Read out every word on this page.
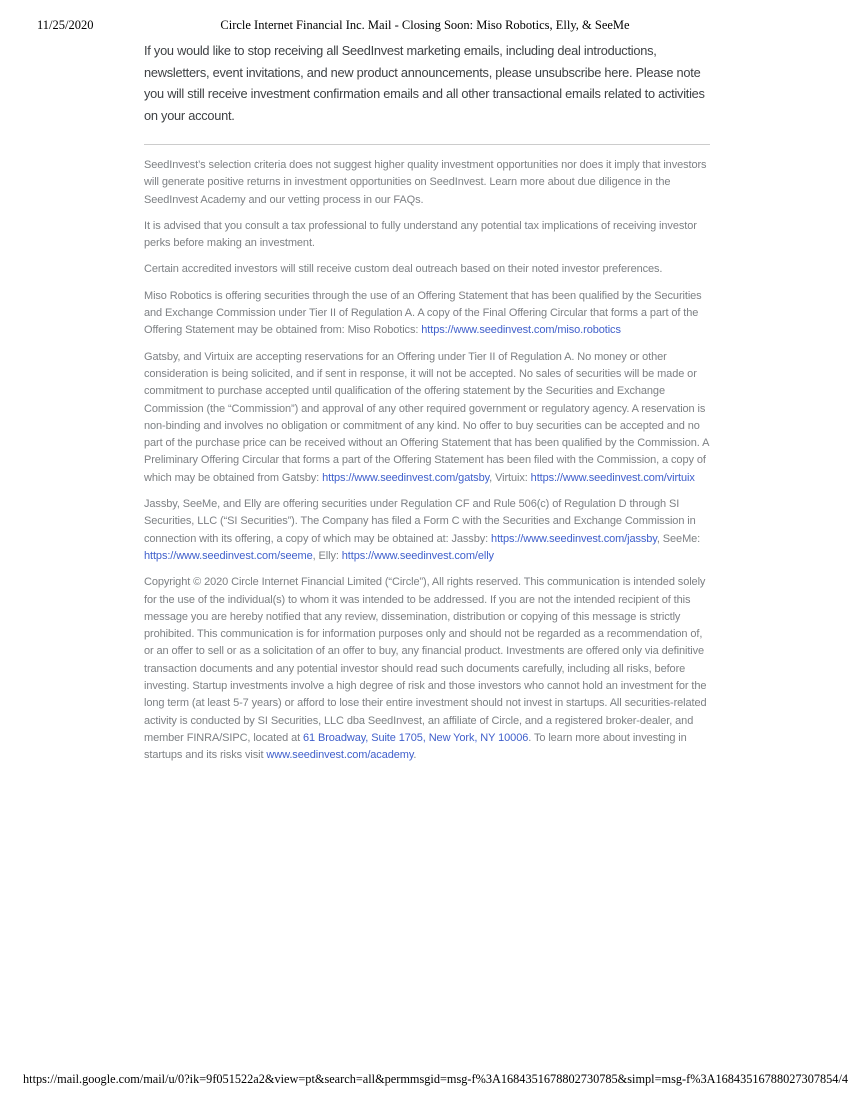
11/25/2020	Circle Internet Financial Inc. Mail - Closing Soon: Miso Robotics, Elly, & SeeMe

If you would like to stop receiving all SeedInvest marketing emails, including deal introductions, newsletters, event invitations, and new product announcements, please unsubscribe here. Please note you will still receive investment confirmation emails and all other transactional emails related to activities on your account.

SeedInvest’s selection criteria does not suggest higher quality investment opportunities nor does it imply that investors will generate positive returns in investment opportunities on SeedInvest. Learn more about due diligence in the SeedInvest Academy and our vetting process in our FAQs.

It is advised that you consult a tax professional to fully understand any potential tax implications of receiving investor perks before making an investment.

Certain accredited investors will still receive custom deal outreach based on their noted investor preferences.

Miso Robotics is offering securities through the use of an Offering Statement that has been qualified by the Securities and Exchange Commission under Tier II of Regulation A. A copy of the Final Offering Circular that forms a part of the Offering Statement may be obtained from: Miso Robotics: https://www.seedinvest.com/miso.robotics

Gatsby, and Virtuix are accepting reservations for an Offering under Tier II of Regulation A. No money or other consideration is being solicited, and if sent in response, it will not be accepted. No sales of securities will be made or commitment to purchase accepted until qualification of the offering statement by the Securities and Exchange Commission (the “Commission”) and approval of any other required government or regulatory agency. A reservation is non-binding and involves no obligation or commitment of any kind. No offer to buy securities can be accepted and no part of the purchase price can be received without an Offering Statement that has been qualified by the Commission. A Preliminary Offering Circular that forms a part of the Offering Statement has been filed with the Commission, a copy of which may be obtained from Gatsby: https://www.seedinvest.com/gatsby, Virtuix: https://www.seedinvest.com/virtuix

Jassby, SeeMe, and Elly are offering securities under Regulation CF and Rule 506(c) of Regulation D through SI Securities, LLC (“SI Securities”). The Company has filed a Form C with the Securities and Exchange Commission in connection with its offering, a copy of which may be obtained at: Jassby: https://www.seedinvest.com/jassby, SeeMe: https://www.seedinvest.com/seeme, Elly: https://www.seedinvest.com/elly

Copyright © 2020 Circle Internet Financial Limited (“Circle”), All rights reserved. This communication is intended solely for the use of the individual(s) to whom it was intended to be addressed. If you are not the intended recipient of this message you are hereby notified that any review, dissemination, distribution or copying of this message is strictly prohibited. This communication is for information purposes only and should not be regarded as a recommendation of, or an offer to sell or as a solicitation of an offer to buy, any financial product. Investments are offered only via definitive transaction documents and any potential investor should read such documents carefully, including all risks, before investing. Startup investments involve a high degree of risk and those investors who cannot hold an investment for the long term (at least 5-7 years) or afford to lose their entire investment should not invest in startups. All securities-related activity is conducted by SI Securities, LLC dba SeedInvest, an affiliate of Circle, and a registered broker-dealer, and member FINRA/SIPC, located at 61 Broadway, Suite 1705, New York, NY 10006. To learn more about investing in startups and its risks visit www.seedinvest.com/academy.

https://mail.google.com/mail/u/0?ik=9f051522a2&view=pt&search=all&permmsgid=msg-f%3A1684351678802730785&simpl=msg-f%3A1684351678802730785 4/4
